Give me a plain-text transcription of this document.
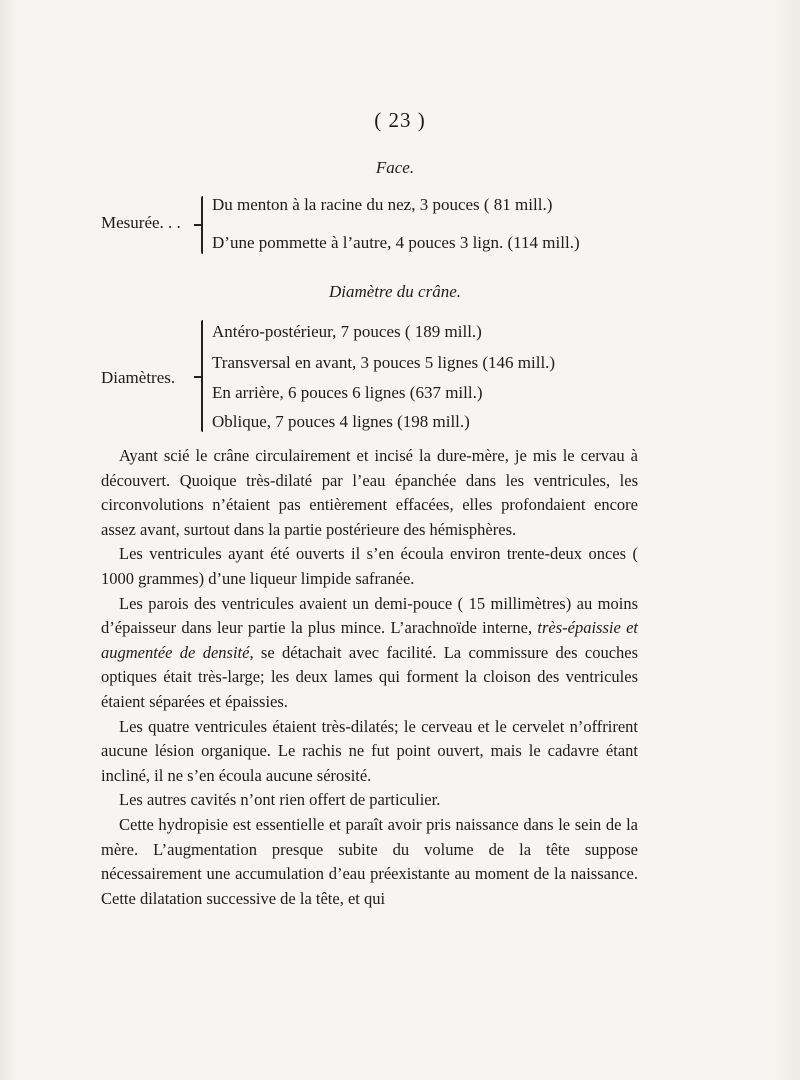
( 23 )
Face.
Mesurée. . .
Du menton à la racine du nez, 3 pouces ( 81 mill.)
D’une pommette à l’autre, 4 pouces 3 lign. (114 mill.)
Diamètre du crâne.
Diamètres.
Antéro-postérieur, 7 pouces ( 189 mill.)
Transversal en avant, 3 pouces 5 lignes (146 mill.)
En arrière, 6 pouces 6 lignes (637 mill.)
Oblique, 7 pouces 4 lignes (198 mill.)

Ayant scié le crâne circulairement et incisé la dure-mère, je mis le cervau à découvert. Quoique très-dilaté par l’eau épanchée dans les ventricules, les circonvolutions n’étaient pas entièrement effacées, elles profondaient encore assez avant, surtout dans la partie postérieure des hémisphères.

Les ventricules ayant été ouverts il s’en écoula environ trente-deux onces ( 1000 grammes) d’une liqueur limpide safranée.

Les parois des ventricules avaient un demi-pouce ( 15 millimètres) au moins d’épaisseur dans leur partie la plus mince. L’arachnoïde interne, très-épaissie et augmentée de densité, se détachait avec facilité. La commissure des couches optiques était très-large; les deux lames qui forment la cloison des ventricules étaient séparées et épaissies.

Les quatre ventricules étaient très-dilatés; le cerveau et le cervelet n’offrirent aucune lésion organique. Le rachis ne fut point ouvert, mais le cadavre étant incliné, il ne s’en écoula aucune sérosité.

Les autres cavités n’ont rien offert de particulier.

Cette hydropisie est essentielle et paraît avoir pris naissance dans le sein de la mère. L’augmentation presque subite du volume de la tête suppose nécessairement une accumulation d’eau préexistante au moment de la naissance. Cette dilatation successive de la tête, et qui
